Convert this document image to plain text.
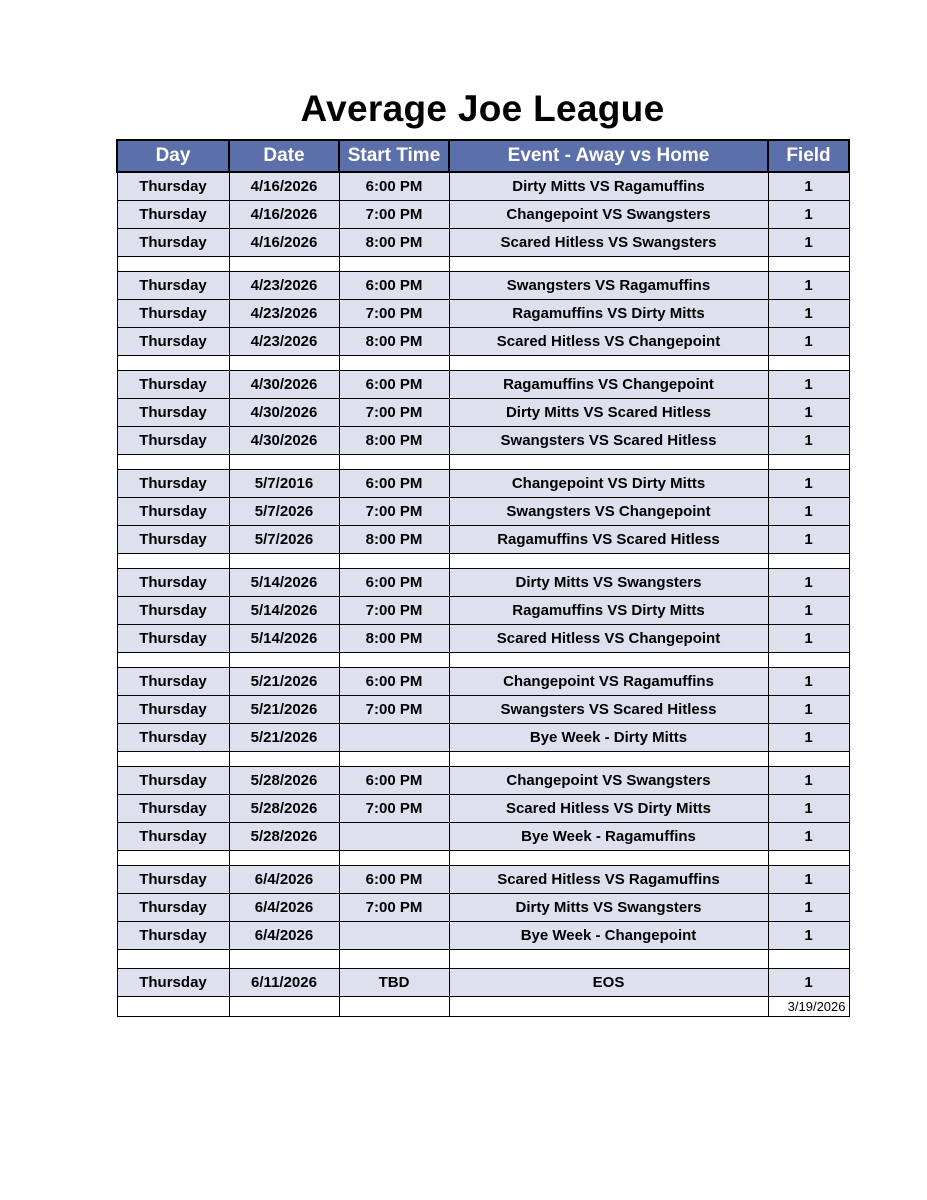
Average Joe League
Day	Date	Start Time	Event - Away vs Home	Field
Thursday	4/16/2026	6:00 PM	Dirty Mitts VS Ragamuffins	1
Thursday	4/16/2026	7:00 PM	Changepoint VS Swangsters	1
Thursday	4/16/2026	8:00 PM	Scared Hitless VS Swangsters	1

Thursday	4/23/2026	6:00 PM	Swangsters VS Ragamuffins	1
Thursday	4/23/2026	7:00 PM	Ragamuffins VS Dirty Mitts	1
Thursday	4/23/2026	8:00 PM	Scared Hitless VS Changepoint	1

Thursday	4/30/2026	6:00 PM	Ragamuffins VS Changepoint	1
Thursday	4/30/2026	7:00 PM	Dirty Mitts VS Scared Hitless	1
Thursday	4/30/2026	8:00 PM	Swangsters VS Scared Hitless	1

Thursday	5/7/2016	6:00 PM	Changepoint VS Dirty Mitts	1
Thursday	5/7/2026	7:00 PM	Swangsters VS Changepoint	1
Thursday	5/7/2026	8:00 PM	Ragamuffins VS Scared Hitless	1

Thursday	5/14/2026	6:00 PM	Dirty Mitts VS Swangsters	1
Thursday	5/14/2026	7:00 PM	Ragamuffins VS Dirty Mitts	1
Thursday	5/14/2026	8:00 PM	Scared Hitless VS Changepoint	1

Thursday	5/21/2026	6:00 PM	Changepoint VS Ragamuffins	1
Thursday	5/21/2026	7:00 PM	Swangsters VS Scared Hitless	1
Thursday	5/21/2026		Bye Week - Dirty Mitts	1

Thursday	5/28/2026	6:00 PM	Changepoint VS Swangsters	1
Thursday	5/28/2026	7:00 PM	Scared Hitless VS Dirty Mitts	1
Thursday	5/28/2026		Bye Week - Ragamuffins	1

Thursday	6/4/2026	6:00 PM	Scared Hitless VS Ragamuffins	1
Thursday	6/4/2026	7:00 PM	Dirty Mitts VS Swangsters	1
Thursday	6/4/2026		Bye Week - Changepoint	1

Thursday	6/11/2026	TBD	EOS	1
				3/19/2026
